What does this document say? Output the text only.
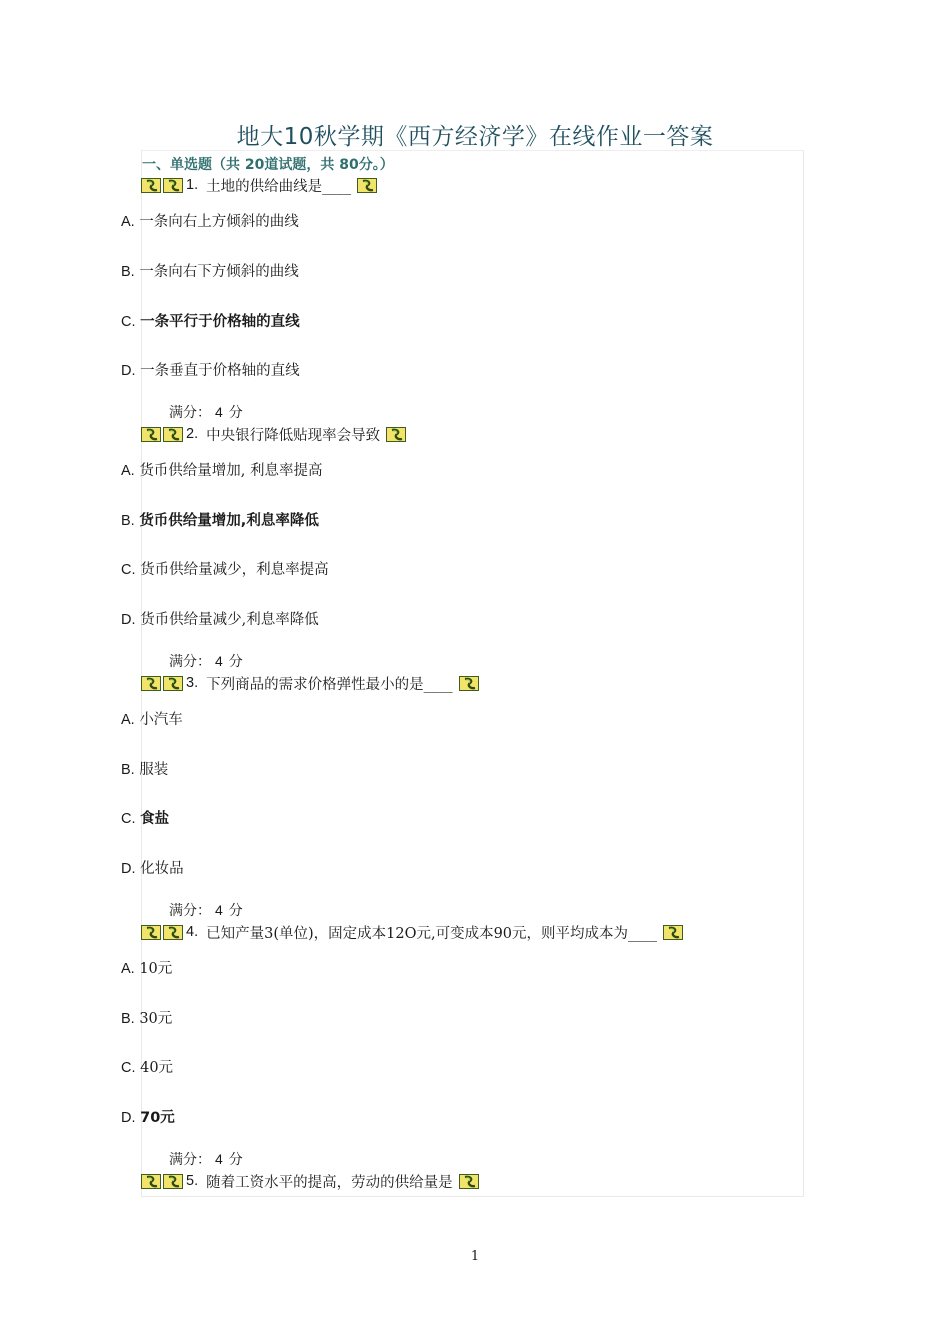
地大10秋学期《西方经济学》在线作业一答案
一、单选题（共 20道试题，共 80分。）
1. 土地的供给曲线是____
A. 一条向右上方倾斜的曲线
B. 一条向右下方倾斜的曲线
C. 一条平行于价格轴的直线
D. 一条垂直于价格轴的直线
满分： 4 分
2. 中央银行降低贴现率会导致
A. 货币供给量增加, 利息率提高
B. 货币供给量增加,利息率降低
C. 货币供给量减少，利息率提高
D. 货币供给量减少,利息率降低
满分： 4 分
3. 下列商品的需求价格弹性最小的是____
A. 小汽车
B. 服装
C. 食盐
D. 化妆品
满分： 4 分
4. 已知产量3(单位)，固定成本12O元,可变成本90元，则平均成本为____
A. 10元
B. 30元
C. 40元
D. 70元
满分： 4 分
5. 随着工资水平的提高，劳动的供给量是
1
